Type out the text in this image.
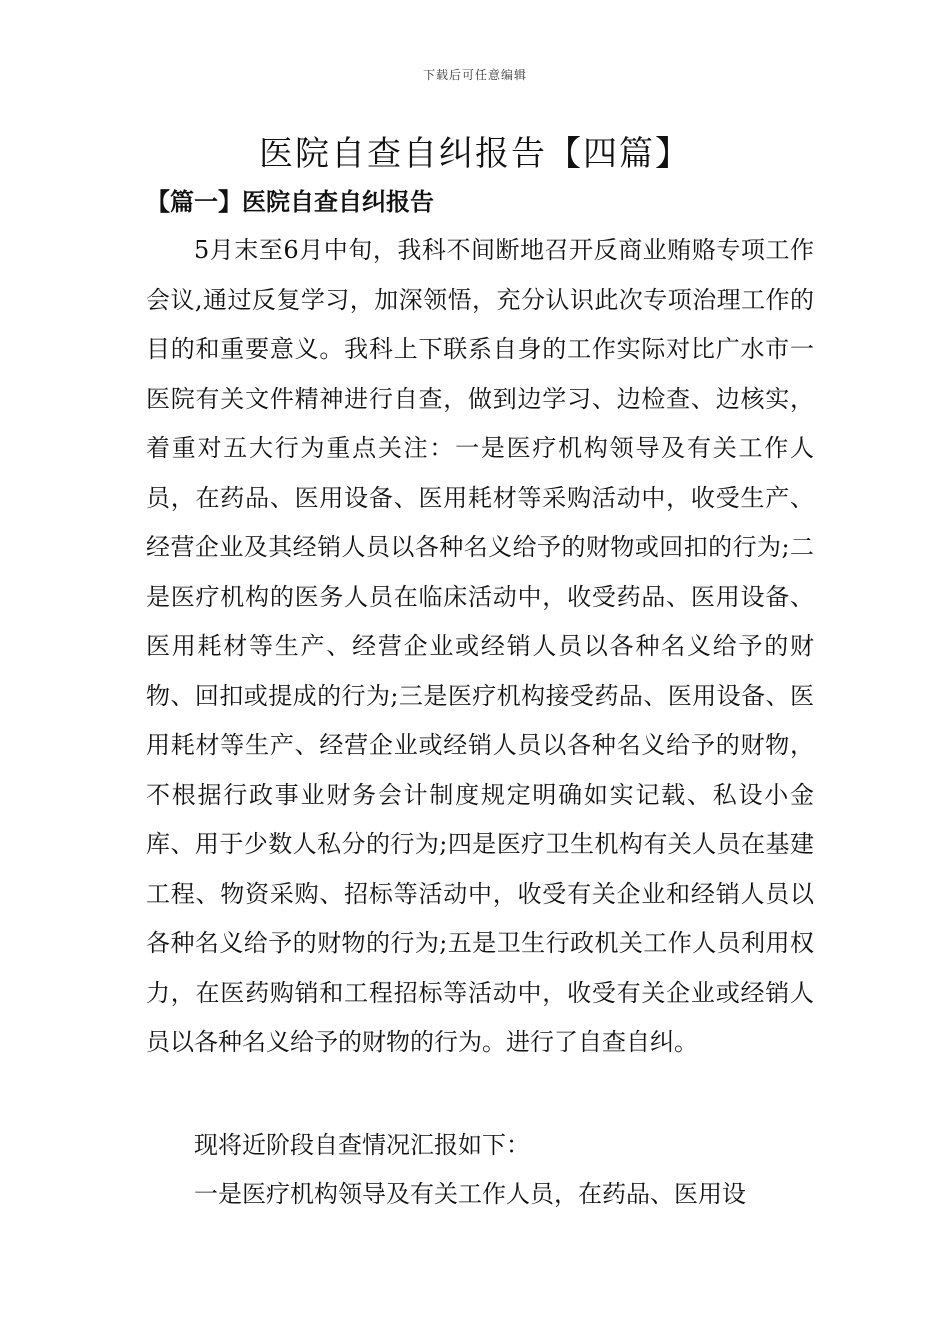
下载后可任意编辑
医院自查自纠报告【四篇】
【篇一】医院自查自纠报告

5月末至6月中旬，我科不间断地召开反商业贿赂专项工作会议,通过反复学习，加深领悟，充分认识此次专项治理工作的目的和重要意义。我科上下联系自身的工作实际对比广水市一医院有关文件精神进行自查，做到边学习、边检查、边核实，着重对五大行为重点关注：一是医疗机构领导及有关工作人员，在药品、医用设备、医用耗材等采购活动中，收受生产、经营企业及其经销人员以各种名义给予的财物或回扣的行为;二是医疗机构的医务人员在临床活动中，收受药品、医用设备、医用耗材等生产、经营企业或经销人员以各种名义给予的财物、回扣或提成的行为;三是医疗机构接受药品、医用设备、医用耗材等生产、经营企业或经销人员以各种名义给予的财物，不根据行政事业财务会计制度规定明确如实记载、私设小金库、用于少数人私分的行为;四是医疗卫生机构有关人员在基建工程、物资采购、招标等活动中，收受有关企业和经销人员以各种名义给予的财物的行为;五是卫生行政机关工作人员利用权力，在医药购销和工程招标等活动中，收受有关企业或经销人员以各种名义给予的财物的行为。进行了自查自纠。

现将近阶段自查情况汇报如下：

一是医疗机构领导及有关工作人员，在药品、医用设
